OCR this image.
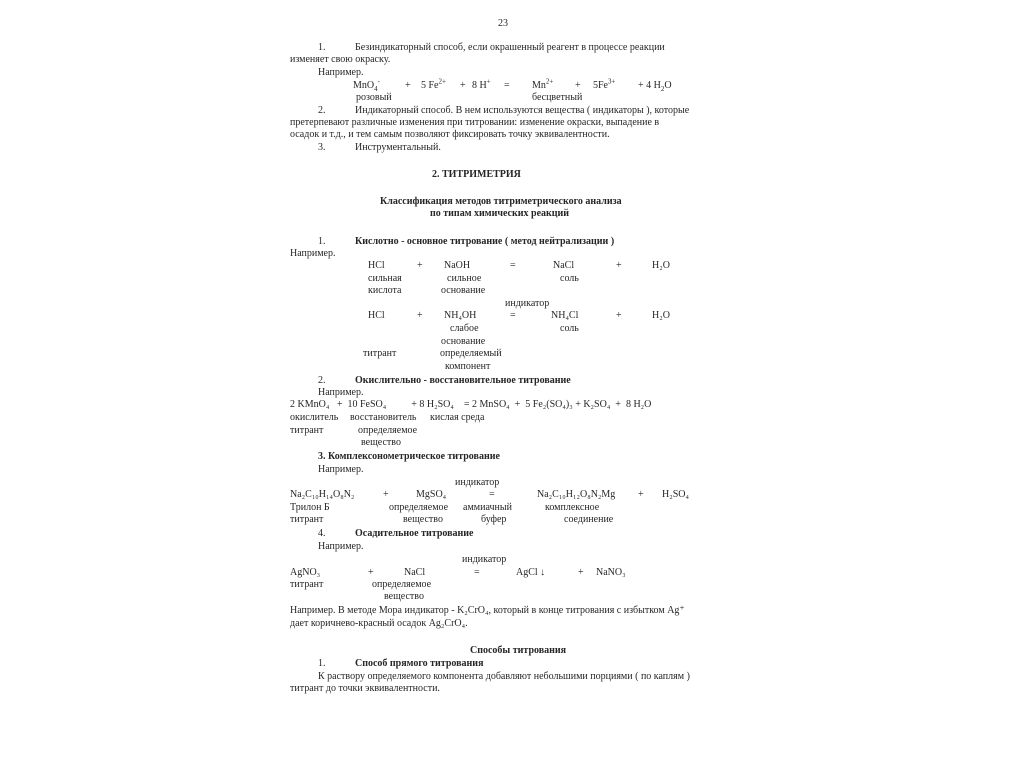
23
1.	Безиндикаторный способ, если окрашенный реагент в процессе реакции
изменяет свою окраску.
Например.
MnO$_4$-	+ 5 $Fe^{2+} + 8$ $H^+ = Mn^{2+} + 5Fe^{3+} + 4$ $H_2O$
розовый	бесцветный
2.	Индикаторный способ. В нем используются вещества ( индикаторы ), которые
претерпевают различные изменения при титровании: изменение окраски, выпадение в
осадок и т.д., и тем самым позволяют фиксировать точку эквивалентности.
3.	Инструментальный.
2. ТИТРИМЕТРИЯ
Классификация методов титриметрического анализа
по типам химических реакций
1.	Кислотно - основное титрование ( метод нейтрализации )
Например.
HCl	+ NaOH	=	NaCl	+	H₂O
сильная	сильное	соль
кислота	основание
индикатор
HCl	+ NH₄OH	=	NH₄Cl	+	H₂O
слабое	соль
основание
титрант	определяемый
компонент
2.	Окислительно - восстановительное титрование
Например.
2 KMnO₄   +  10 FeSO₄          + 8 H₂SO₄    = 2 MnSO₄  +  5 Fe₂(SO₄)₃ + K₂SO₄  +  8 H₂O
окислитель восстановитель кислая среда
титрант	определяемое
вещество
3. Комплексонометрическое титрование
Например.
индикатор
Na₂C₁₀H₁₄O₈N₂	+	MgSO₄	=	Na₂C₁₀H₁₂O₈N₂Mg + H₂SO₄
Трилон Б	определяемое аммиачный	комплексное
титрант	вещество	буфер	соединение
4.	Осадительное титрование
Например.
индикатор
AgNO₃	+	NaCl	=	AgCl ↓	+ NaNO₃
титрант	определяемое
вещество
Например. В методе Мора индикатор - K₂CrO₄, который в конце титрования с избытком Ag⁺
дает коричнево-красный осадок Ag₂CrO₄.
Способы титрования
1.	Способ прямого титрования
К раствору определяемого компонента добавляют небольшими порциями ( по каплям )
титрант до точки эквивалентности.
